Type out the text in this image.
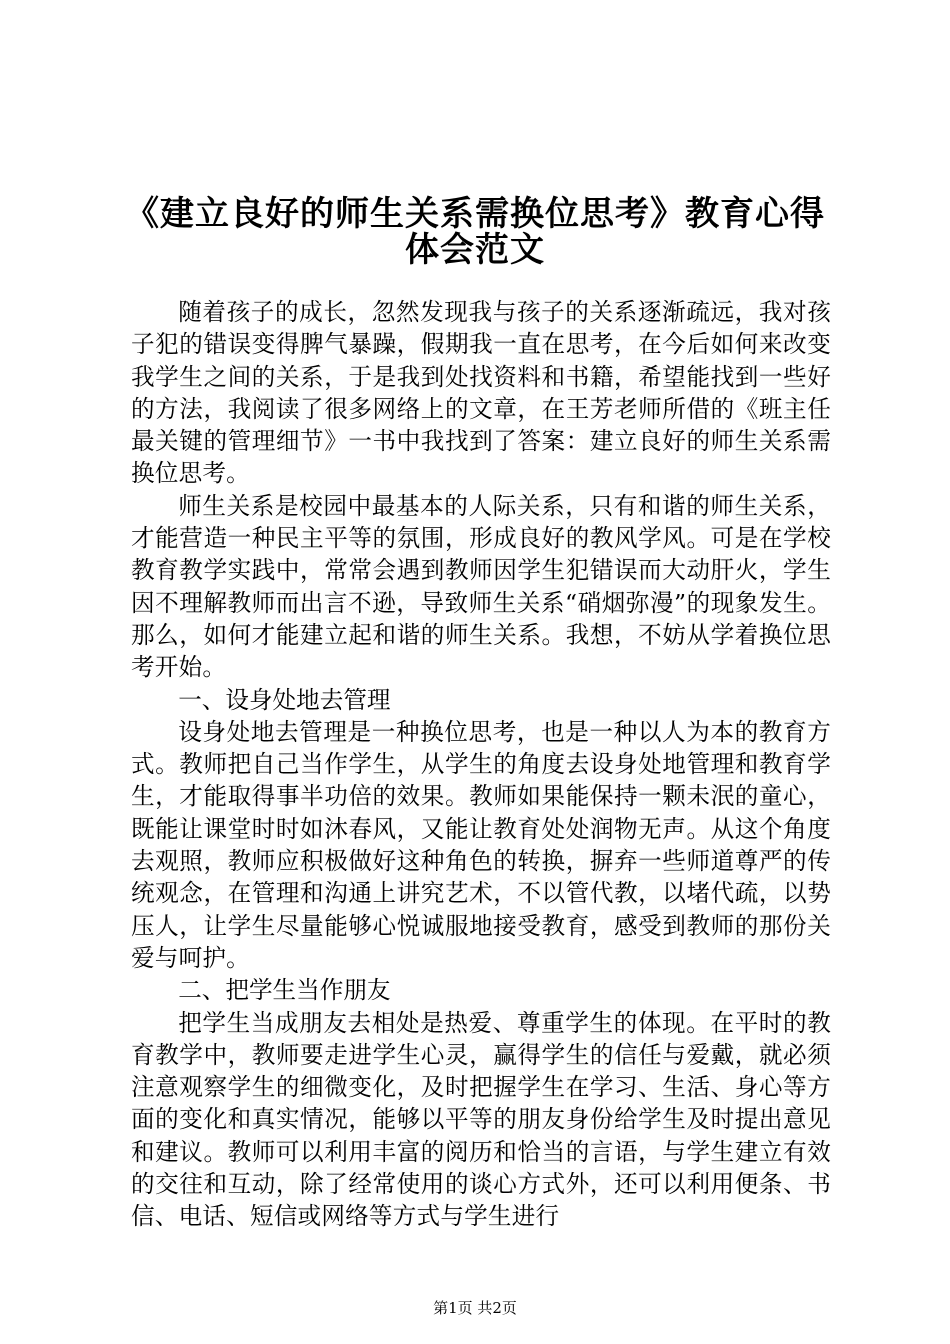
《建立良好的师生关系需换位思考》教育心得
体会范文

随着孩子的成长，忽然发现我与孩子的关系逐渐疏远，我对孩子犯的错误变得脾气暴躁，假期我一直在思考，在今后如何来改变我学生之间的关系，于是我到处找资料和书籍，希望能找到一些好的方法，我阅读了很多网络上的文章，在王芳老师所借的《班主任最关键的管理细节》一书中我找到了答案：建立良好的师生关系需换位思考。

师生关系是校园中最基本的人际关系，只有和谐的师生关系，才能营造一种民主平等的氛围，形成良好的教风学风。可是在学校教育教学实践中，常常会遇到教师因学生犯错误而大动肝火，学生因不理解教师而出言不逊，导致师生关系“硝烟弥漫”的现象发生。那么，如何才能建立起和谐的师生关系。我想，不妨从学着换位思考开始。

一、设身处地去管理

设身处地去管理是一种换位思考，也是一种以人为本的教育方式。教师把自己当作学生，从学生的角度去设身处地管理和教育学生，才能取得事半功倍的效果。教师如果能保持一颗未泯的童心，既能让课堂时时如沐春风，又能让教育处处润物无声。从这个角度去观照，教师应积极做好这种角色的转换，摒弃一些师道尊严的传统观念，在管理和沟通上讲究艺术，不以管代教，以堵代疏，以势压人，让学生尽量能够心悦诚服地接受教育，感受到教师的那份关爱与呵护。

二、把学生当作朋友

把学生当成朋友去相处是热爱、尊重学生的体现。在平时的教育教学中，教师要走进学生心灵，赢得学生的信任与爱戴，就必须注意观察学生的细微变化，及时把握学生在学习、生活、身心等方面的变化和真实情况，能够以平等的朋友身份给学生及时提出意见和建议。教师可以利用丰富的阅历和恰当的言语，与学生建立有效的交往和互动，除了经常使用的谈心方式外，还可以利用便条、书信、电话、短信或网络等方式与学生进行

第1页 共2页
